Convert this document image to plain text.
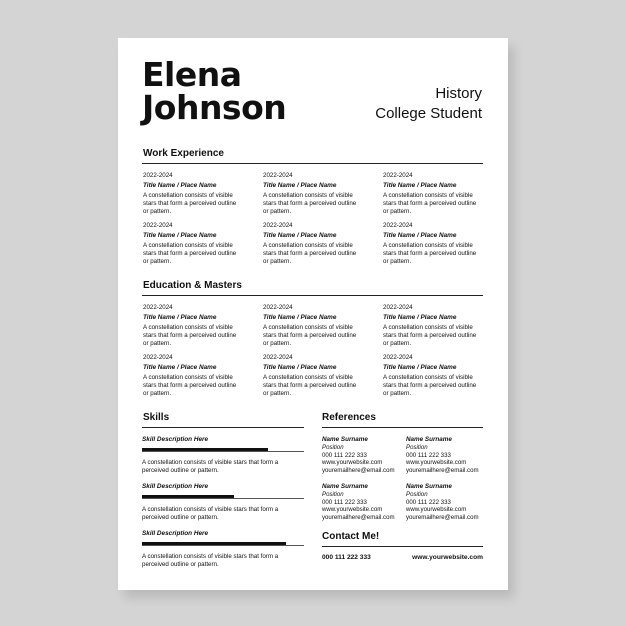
Elena
Johnson	History
College Student
Work Experience
2022-2024
Title Name / Place Name
A constellation consists of visible stars that form a perceived outline or pattern.
2022-2024
Title Name / Place Name
A constellation consists of visible stars that form a perceived outline or pattern.
2022-2024
Title Name / Place Name
A constellation consists of visible stars that form a perceived outline or pattern.
2022-2024
Title Name / Place Name
A constellation consists of visible stars that form a perceived outline or pattern.
2022-2024
Title Name / Place Name
A constellation consists of visible stars that form a perceived outline or pattern.
2022-2024
Title Name / Place Name
A constellation consists of visible stars that form a perceived outline or pattern.
Education & Masters
2022-2024
Title Name / Place Name
A constellation consists of visible stars that form a perceived outline or pattern.
2022-2024
Title Name / Place Name
A constellation consists of visible stars that form a perceived outline or pattern.
2022-2024
Title Name / Place Name
A constellation consists of visible stars that form a perceived outline or pattern.
2022-2024
Title Name / Place Name
A constellation consists of visible stars that form a perceived outline or pattern.
2022-2024
Title Name / Place Name
A constellation consists of visible stars that form a perceived outline or pattern.
2022-2024
Title Name / Place Name
A constellation consists of visible stars that form a perceived outline or pattern.
Skills
Skill Description Here
A constellation consists of visible stars that form a perceived outline or pattern.
Skill Description Here
A constellation consists of visible stars that form a perceived outline or pattern.
Skill Description Here
A constellation consists of visible stars that form a perceived outline or pattern.
References
Name Surname
Position
000 111 222 333
www.yourwebsite.com
youremailhere@email.com
Name Surname
Position
000 111 222 333
www.yourwebsite.com
youremailhere@email.com
Name Surname
Position
000 111 222 333
www.yourwebsite.com
youremailhere@email.com
Name Surname
Position
000 111 222 333
www.yourwebsite.com
youremailhere@email.com
Contact Me!
000 111 222 333	www.yourwebsite.com
